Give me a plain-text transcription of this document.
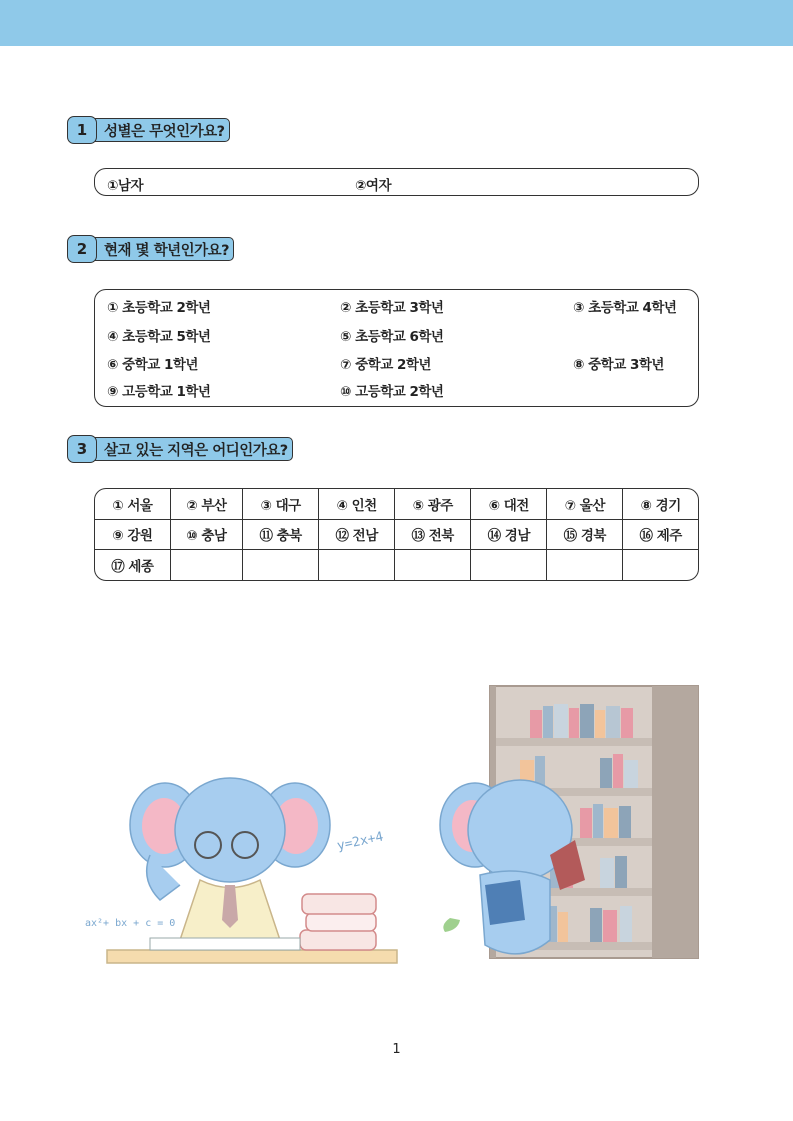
1	성별은 무엇인가요?
①남자	②여자
2	현재 몇 학년인가요?
① 초등학교 2학년	② 초등학교 3학년	③ 초등학교 4학년
④ 초등학교 5학년	⑤ 초등학교 6학년
⑥ 중학교 1학년	⑦ 중학교 2학년	⑧ 중학교 3학년
⑨ 고등학교 1학년	⑩ 고등학교 2학년
3	살고 있는 지역은 어디인가요?
① 서울	② 부산	③ 대구	④ 인천	⑤ 광주	⑥ 대전	⑦ 울산	⑧ 경기
⑨ 강원	⑩ 충남	⑪ 충북	⑫ 전남	⑬ 전북	⑭ 경남	⑮ 경북	⑯ 제주
⑰ 세종							
y=2x+4
ax²+ bx + c = 0
1
